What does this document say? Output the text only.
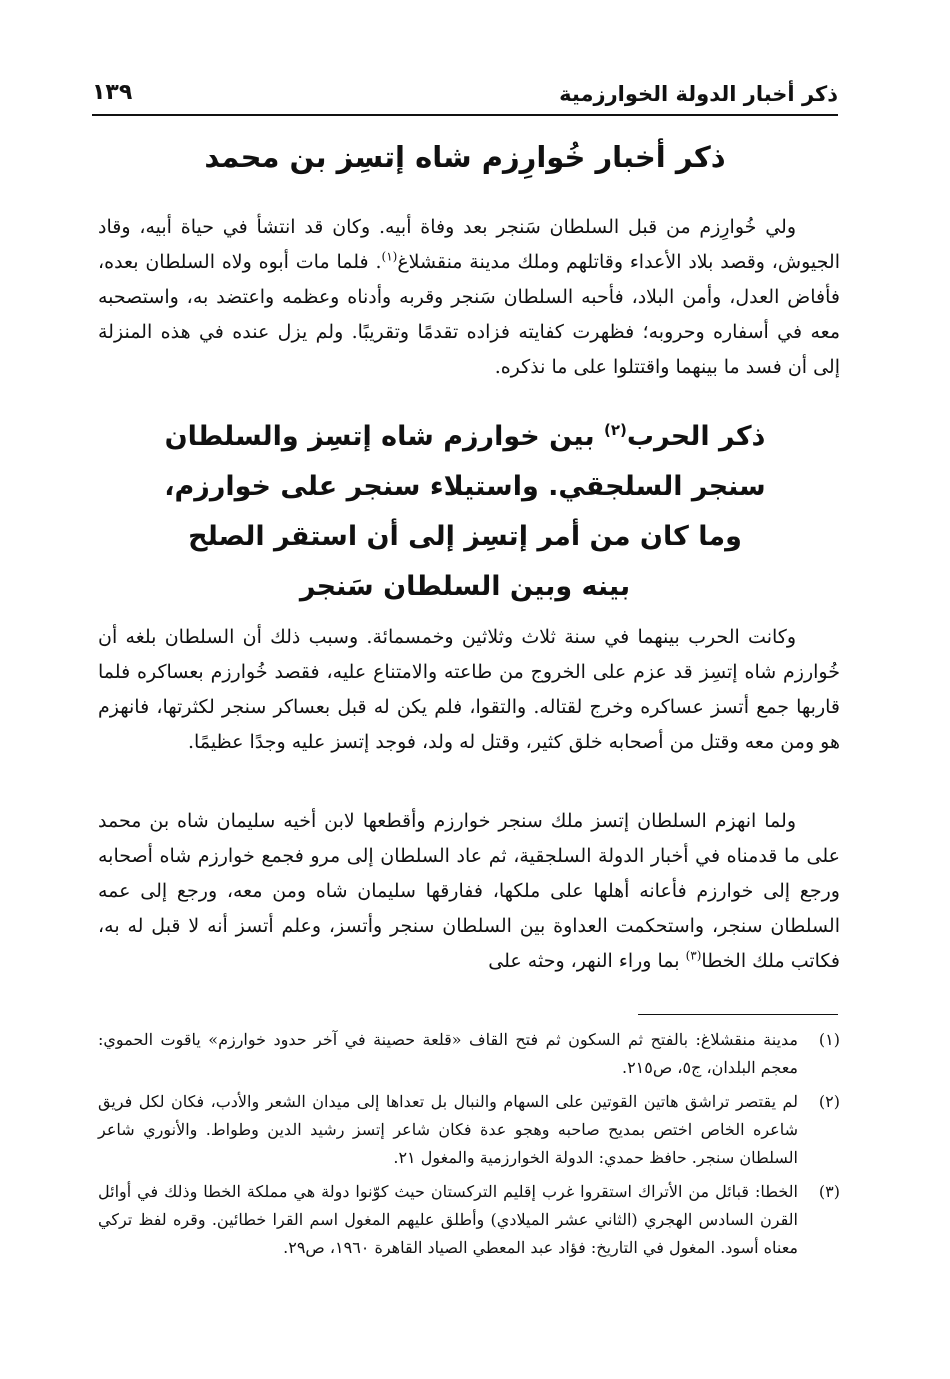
ذكر أخبار الدولة الخوارزمية
١٣٩
ذكر أخبار خُوارِزم شاه إتسِز بن محمد

ولي خُوارِزم من قبل السلطان سَنجر بعد وفاة أبيه. وكان قد انتشأ في حياة أبيه، وقاد الجيوش، وقصد بلاد الأعداء وقاتلهم وملك مدينة منقشلاغ$^{(١)}$. فلما مات أبوه ولاه السلطان بعده، فأفاض العدل، وأمن البلاد، فأحبه السلطان سَنجر وقربه وأدناه وعظمه واعتضد به، واستصحبه معه في أسفاره وحروبه؛ فظهرت كفايته فزاده تقدمًا وتقريبًا. ولم يزل عنده في هذه المنزلة إلى أن فسد ما بينهما واقتتلوا على ما نذكره.

ذكر الحرب$^{(٢)}$ بين خوارزم شاه إتسِز والسلطان
سنجر السلجقي. واستيلاء سنجر على خوارزم،
وما كان من أمر إتسِز إلى أن استقر الصلح
بينه وبين السلطان سَنجر

وكانت الحرب بينهما في سنة ثلاث وثلاثين وخمسمائة. وسبب ذلك أن السلطان بلغه أن خُوارزم شاه إتسِز قد عزم على الخروج من طاعته والامتناع عليه، فقصد خُوارزم بعساكره فلما قاربها جمع أتسز عساكره وخرج لقتاله. والتقوا، فلم يكن له قبل بعساكر سنجر لكثرتها، فانهزم هو ومن معه وقتل من أصحابه خلق كثير، وقتل له ولد، فوجد إتسز عليه وجدًا عظيمًا.

ولما انهزم السلطان إتسز ملك سنجر خوارزم وأقطعها لابن أخيه سليمان شاه بن محمد على ما قدمناه في أخبار الدولة السلجقية، ثم عاد السلطان إلى مرو فجمع خوارزم شاه أصحابه ورجع إلى خوارزم فأعانه أهلها على ملكها، ففارقها سليمان شاه ومن معه، ورجع إلى عمه السلطان سنجر، واستحكمت العداوة بين السلطان سنجر وأتسز، وعلم أتسز أنه لا قبل له به، فكاتب ملك الخطا$^{(٣)}$ بما وراء النهر، وحثه على

(١)
مدينة منقشلاغ: بالفتح ثم السكون ثم فتح القاف «قلعة حصينة في آخر حدود خوارزم» ياقوت الحموي: معجم البلدان، ج٥، ص٢١٥.
(٢)
لم يقتصر تراشق هاتين القوتين على السهام والنبال بل تعداها إلى ميدان الشعر والأدب، فكان لكل فريق شاعره الخاص اختص بمديح صاحبه وهجو عدة فكان شاعر إتسز رشيد الدين وطواط. والأنوري شاعر السلطان سنجر. حافظ حمدي: الدولة الخوارزمية والمغول ٢١.
(٣)
الخطا: قبائل من الأتراك استقروا غرب إقليم التركستان حيث كوّنوا دولة هي مملكة الخطا وذلك في أوائل القرن السادس الهجري (الثاني عشر الميلادي) وأطلق عليهم المغول اسم القرا خطائين. وقره لفظ تركي معناه أسود. المغول في التاريخ: فؤاد عبد المعطي الصياد القاهرة ١٩٦٠، ص٢٩.
